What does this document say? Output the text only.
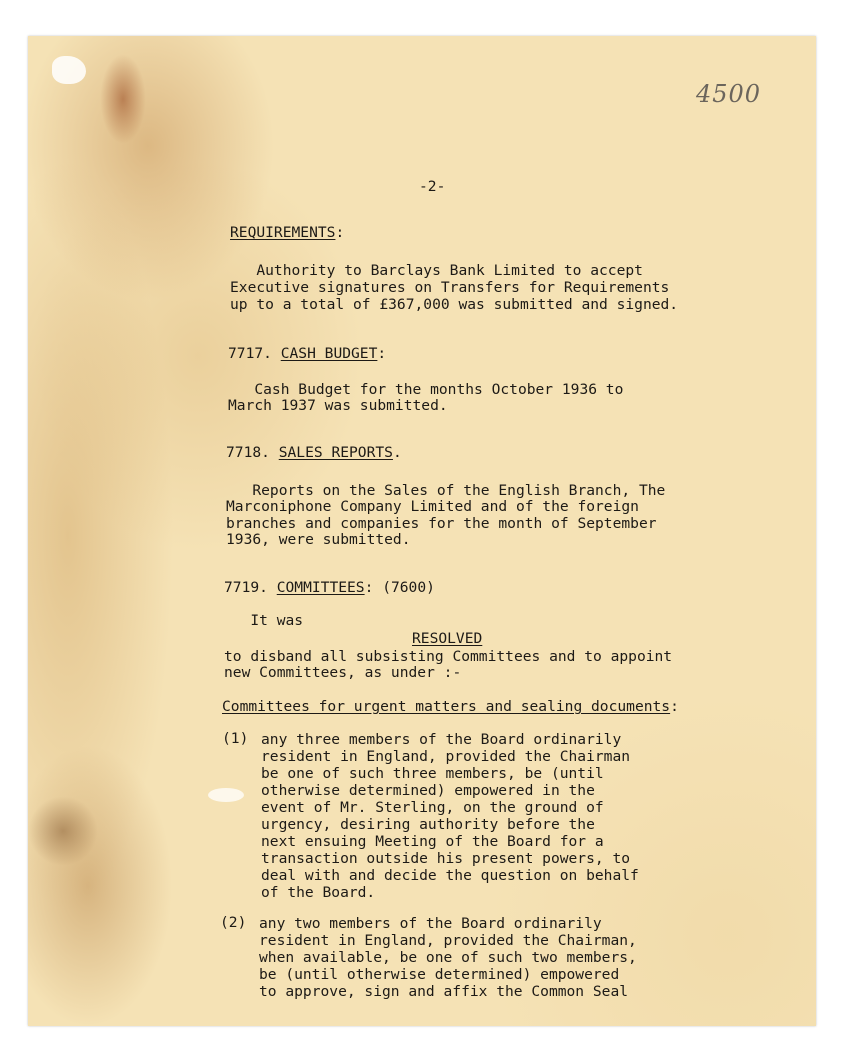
4500
-2-
REQUIREMENTS:
Authority to Barclays Bank Limited to accept
Executive signatures on Transfers for Requirements
up to a total of £367,000 was submitted and signed.
7717. CASH BUDGET:
Cash Budget for the months October 1936 to
March 1937 was submitted.
7718. SALES REPORTS.
Reports on the Sales of the English Branch, The
Marconiphone Company Limited and of the foreign
branches and companies for the month of September
1936, were submitted.
7719. COMMITTEES: (7600)
It was
RESOLVED
to disband all subsisting Committees and to appoint
new Committees, as under :-
Committees for urgent matters and sealing documents:
(1) any three members of the Board ordinarily
resident in England, provided the Chairman
be one of such three members, be (until
otherwise determined) empowered in the
event of Mr. Sterling, on the ground of
urgency, desiring authority before the
next ensuing Meeting of the Board for a
transaction outside his present powers, to
deal with and decide the question on behalf
of the Board.
(2) any two members of the Board ordinarily
resident in England, provided the Chairman,
when available, be one of such two members,
be (until otherwise determined) empowered
to approve, sign and affix the Common Seal
